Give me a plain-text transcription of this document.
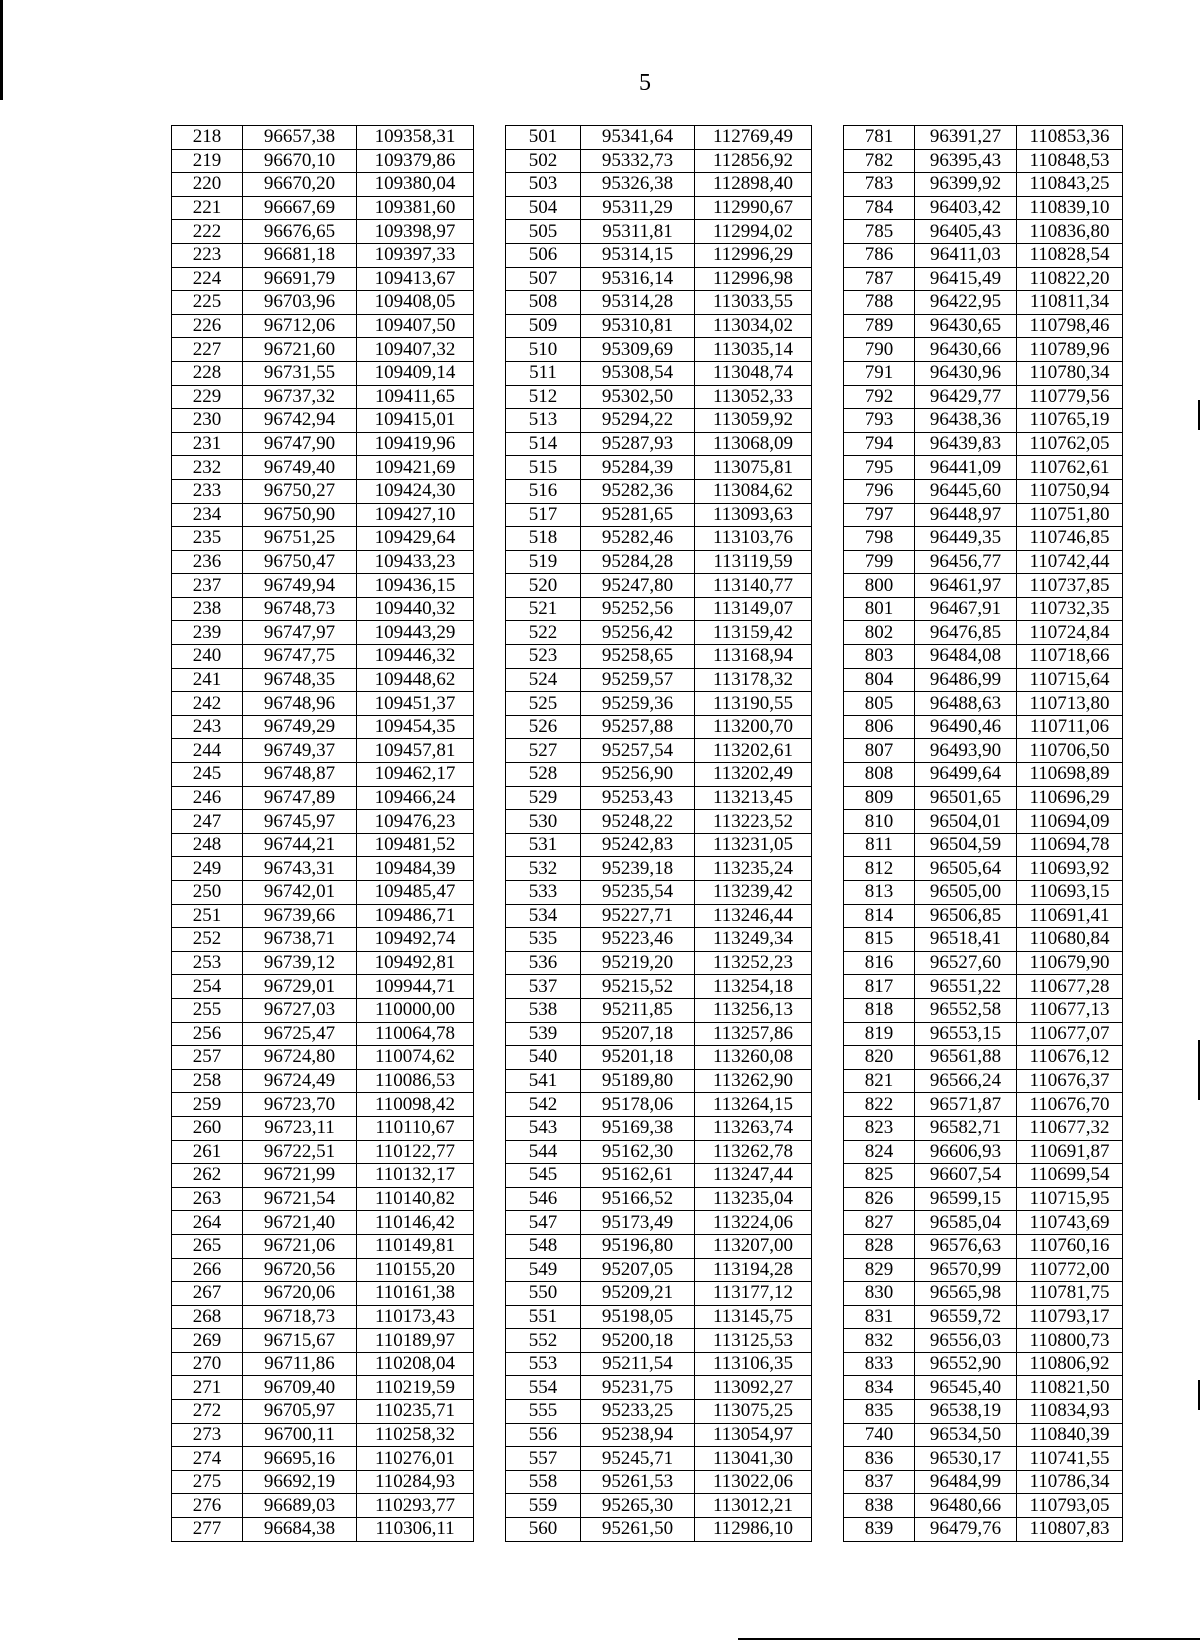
5
218	96657,38	109358,31		501	95341,64	112769,49		781	96391,27	110853,36
219	96670,10	109379,86		502	95332,73	112856,92		782	96395,43	110848,53
220	96670,20	109380,04		503	95326,38	112898,40		783	96399,92	110843,25
221	96667,69	109381,60		504	95311,29	112990,67		784	96403,42	110839,10
222	96676,65	109398,97		505	95311,81	112994,02		785	96405,43	110836,80
223	96681,18	109397,33		506	95314,15	112996,29		786	96411,03	110828,54
224	96691,79	109413,67		507	95316,14	112996,98		787	96415,49	110822,20
225	96703,96	109408,05		508	95314,28	113033,55		788	96422,95	110811,34
226	96712,06	109407,50		509	95310,81	113034,02		789	96430,65	110798,46
227	96721,60	109407,32		510	95309,69	113035,14		790	96430,66	110789,96
228	96731,55	109409,14		511	95308,54	113048,74		791	96430,96	110780,34
229	96737,32	109411,65		512	95302,50	113052,33		792	96429,77	110779,56
230	96742,94	109415,01		513	95294,22	113059,92		793	96438,36	110765,19
231	96747,90	109419,96		514	95287,93	113068,09		794	96439,83	110762,05
232	96749,40	109421,69		515	95284,39	113075,81		795	96441,09	110762,61
233	96750,27	109424,30		516	95282,36	113084,62		796	96445,60	110750,94
234	96750,90	109427,10		517	95281,65	113093,63		797	96448,97	110751,80
235	96751,25	109429,64		518	95282,46	113103,76		798	96449,35	110746,85
236	96750,47	109433,23		519	95284,28	113119,59		799	96456,77	110742,44
237	96749,94	109436,15		520	95247,80	113140,77		800	96461,97	110737,85
238	96748,73	109440,32		521	95252,56	113149,07		801	96467,91	110732,35
239	96747,97	109443,29		522	95256,42	113159,42		802	96476,85	110724,84
240	96747,75	109446,32		523	95258,65	113168,94		803	96484,08	110718,66
241	96748,35	109448,62		524	95259,57	113178,32		804	96486,99	110715,64
242	96748,96	109451,37		525	95259,36	113190,55		805	96488,63	110713,80
243	96749,29	109454,35		526	95257,88	113200,70		806	96490,46	110711,06
244	96749,37	109457,81		527	95257,54	113202,61		807	96493,90	110706,50
245	96748,87	109462,17		528	95256,90	113202,49		808	96499,64	110698,89
246	96747,89	109466,24		529	95253,43	113213,45		809	96501,65	110696,29
247	96745,97	109476,23		530	95248,22	113223,52		810	96504,01	110694,09
248	96744,21	109481,52		531	95242,83	113231,05		811	96504,59	110694,78
249	96743,31	109484,39		532	95239,18	113235,24		812	96505,64	110693,92
250	96742,01	109485,47		533	95235,54	113239,42		813	96505,00	110693,15
251	96739,66	109486,71		534	95227,71	113246,44		814	96506,85	110691,41
252	96738,71	109492,74		535	95223,46	113249,34		815	96518,41	110680,84
253	96739,12	109492,81		536	95219,20	113252,23		816	96527,60	110679,90
254	96729,01	109944,71		537	95215,52	113254,18		817	96551,22	110677,28
255	96727,03	110000,00		538	95211,85	113256,13		818	96552,58	110677,13
256	96725,47	110064,78		539	95207,18	113257,86		819	96553,15	110677,07
257	96724,80	110074,62		540	95201,18	113260,08		820	96561,88	110676,12
258	96724,49	110086,53		541	95189,80	113262,90		821	96566,24	110676,37
259	96723,70	110098,42		542	95178,06	113264,15		822	96571,87	110676,70
260	96723,11	110110,67		543	95169,38	113263,74		823	96582,71	110677,32
261	96722,51	110122,77		544	95162,30	113262,78		824	96606,93	110691,87
262	96721,99	110132,17		545	95162,61	113247,44		825	96607,54	110699,54
263	96721,54	110140,82		546	95166,52	113235,04		826	96599,15	110715,95
264	96721,40	110146,42		547	95173,49	113224,06		827	96585,04	110743,69
265	96721,06	110149,81		548	95196,80	113207,00		828	96576,63	110760,16
266	96720,56	110155,20		549	95207,05	113194,28		829	96570,99	110772,00
267	96720,06	110161,38		550	95209,21	113177,12		830	96565,98	110781,75
268	96718,73	110173,43		551	95198,05	113145,75		831	96559,72	110793,17
269	96715,67	110189,97		552	95200,18	113125,53		832	96556,03	110800,73
270	96711,86	110208,04		553	95211,54	113106,35		833	96552,90	110806,92
271	96709,40	110219,59		554	95231,75	113092,27		834	96545,40	110821,50
272	96705,97	110235,71		555	95233,25	113075,25		835	96538,19	110834,93
273	96700,11	110258,32		556	95238,94	113054,97		740	96534,50	110840,39
274	96695,16	110276,01		557	95245,71	113041,30		836	96530,17	110741,55
275	96692,19	110284,93		558	95261,53	113022,06		837	96484,99	110786,34
276	96689,03	110293,77		559	95265,30	113012,21		838	96480,66	110793,05
277	96684,38	110306,11		560	95261,50	112986,10		839	96479,76	110807,83
